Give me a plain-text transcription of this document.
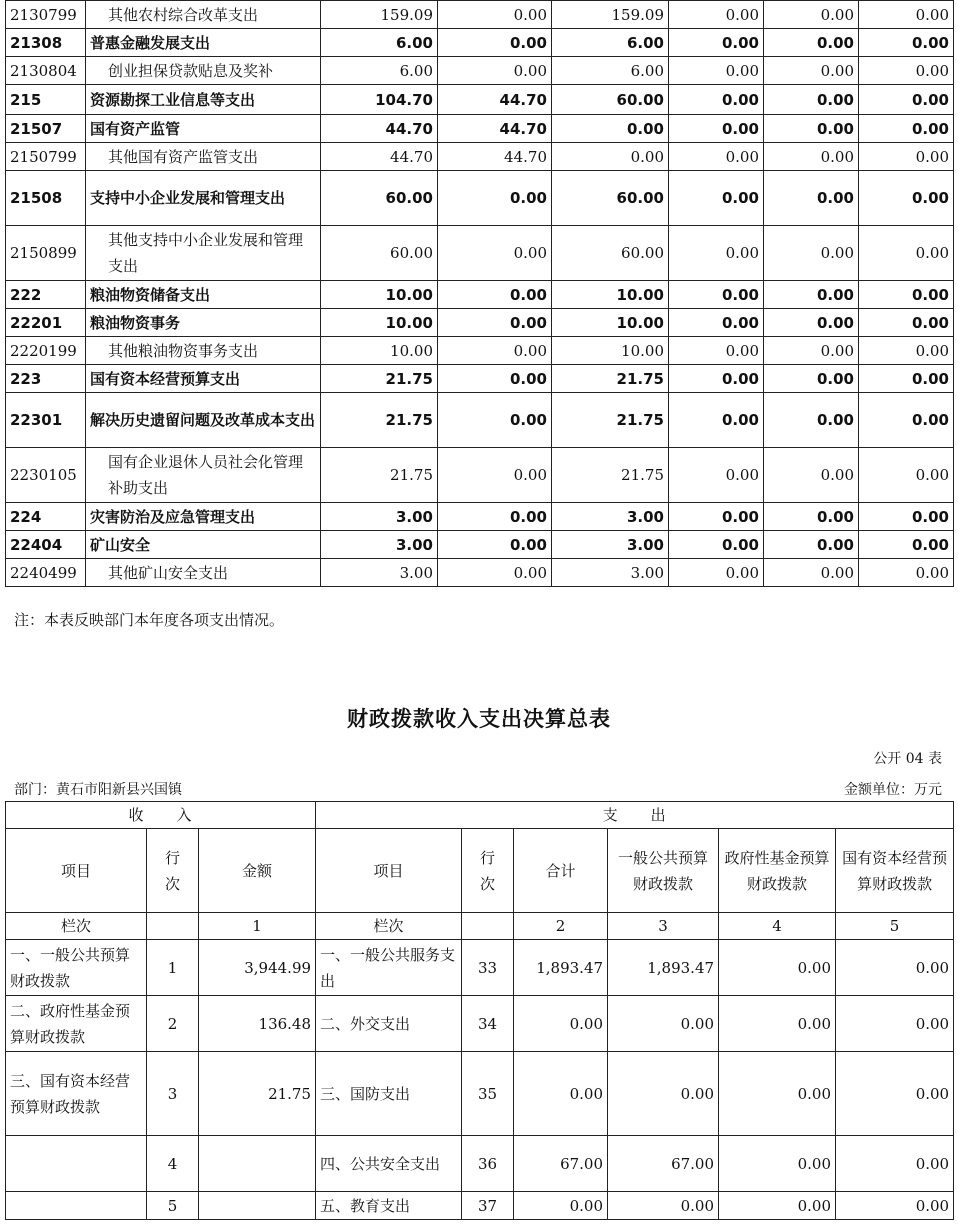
2130799	其他农村综合改革支出	159.09	0.00	159.09	0.00	0.00	0.00
21308	普惠金融发展支出	6.00	0.00	6.00	0.00	0.00	0.00
2130804	创业担保贷款贴息及奖补	6.00	0.00	6.00	0.00	0.00	0.00
215	资源勘探工业信息等支出	104.70	44.70	60.00	0.00	0.00	0.00
21507	国有资产监管	44.70	44.70	0.00	0.00	0.00	0.00
2150799	其他国有资产监管支出	44.70	44.70	0.00	0.00	0.00	0.00
21508	支持中小企业发展和管理支出	60.00	0.00	60.00	0.00	0.00	0.00
2150899	其他支持中小企业发展和管理支出	60.00	0.00	60.00	0.00	0.00	0.00
222	粮油物资储备支出	10.00	0.00	10.00	0.00	0.00	0.00
22201	粮油物资事务	10.00	0.00	10.00	0.00	0.00	0.00
2220199	其他粮油物资事务支出	10.00	0.00	10.00	0.00	0.00	0.00
223	国有资本经营预算支出	21.75	0.00	21.75	0.00	0.00	0.00
22301	解决历史遗留问题及改革成本支出	21.75	0.00	21.75	0.00	0.00	0.00
2230105	国有企业退休人员社会化管理补助支出	21.75	0.00	21.75	0.00	0.00	0.00
224	灾害防治及应急管理支出	3.00	0.00	3.00	0.00	0.00	0.00
22404	矿山安全	3.00	0.00	3.00	0.00	0.00	0.00
2240499	其他矿山安全支出	3.00	0.00	3.00	0.00	0.00	0.00
注：本表反映部门本年度各项支出情况。
财政拨款收入支出决算总表
公开 04 表
部门：黄石市阳新县兴国镇	金额单位：万元
收　　入			支　　出					
项目	行次	金额	项目	行次	合计	一般公共预算财政拨款	政府性基金预算财政拨款	国有资本经营预算财政拨款
栏次		1	栏次		2	3	4	5
一、一般公共预算财政拨款	1	3,944.99	一、一般公共服务支出	33	1,893.47	1,893.47	0.00	0.00
二、政府性基金预算财政拨款	2	136.48	二、外交支出	34	0.00	0.00	0.00	0.00
三、国有资本经营预算财政拨款	3	21.75	三、国防支出	35	0.00	0.00	0.00	0.00
	4		四、公共安全支出	36	67.00	67.00	0.00	0.00
	5		五、教育支出	37	0.00	0.00	0.00	0.00
